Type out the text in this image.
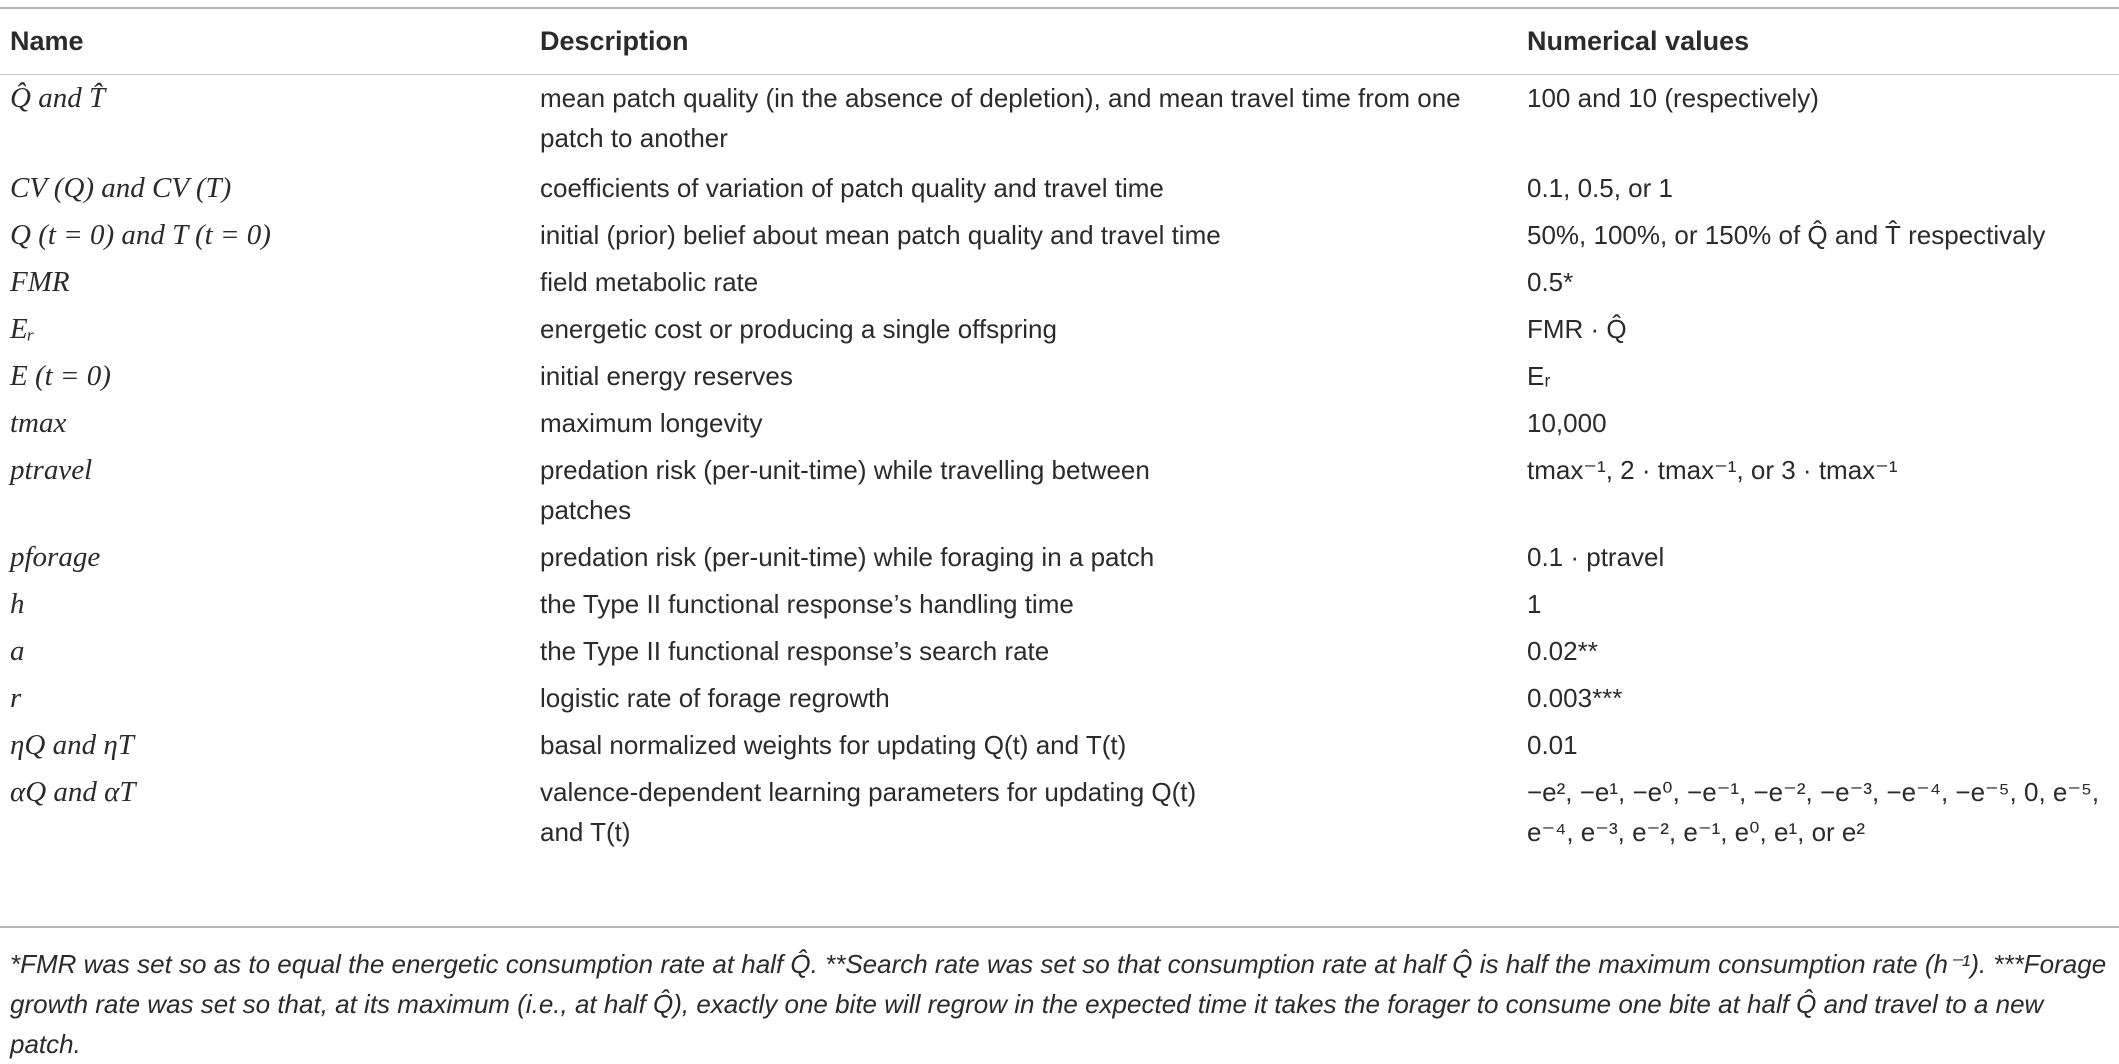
Name	Description	Numerical values
Q̂ and T̂	mean patch quality (in the absence of depletion), and mean travel time from one patch to another	100 and 10 (respectively)
CV (Q) and CV (T)	coefficients of variation of patch quality and travel time	0.1, 0.5, or 1
Q (t = 0) and T (t = 0)	initial (prior) belief about mean patch quality and travel time	50%, 100%, or 150% of Q̂ and T̂ respectivaly
FMR	field metabolic rate	0.5*
Eᵣ	energetic cost or producing a single offspring	FMR · Q̂
E (t = 0)	initial energy reserves	Eᵣ
tmax	maximum longevity	10,000
ptravel	predation risk (per-unit-time) while travelling between patches	tmax⁻¹, 2 · tmax⁻¹, or 3 · tmax⁻¹
pforage	predation risk (per-unit-time) while foraging in a patch	0.1 · ptravel
h	the Type II functional response’s handling time	1
a	the Type II functional response’s search rate	0.02**
r	logistic rate of forage regrowth	0.003***
ηQ and ηT	basal normalized weights for updating Q(t) and T(t)	0.01
αQ and αT	valence-dependent learning parameters for updating Q(t) and T(t)	−e², −e¹, −e⁰, −e⁻¹, −e⁻², −e⁻³, −e⁻⁴, −e⁻⁵, 0, e⁻⁵, e⁻⁴, e⁻³, e⁻², e⁻¹, e⁰, e¹, or e²
*FMR was set so as to equal the energetic consumption rate at half Q̂. **Search rate was set so that consumption rate at half Q̂ is half the maximum consumption rate (h⁻¹). ***Forage growth rate was set so that, at its maximum (i.e., at half Q̂), exactly one bite will regrow in the expected time it takes the forager to consume one bite at half Q̂ and travel to a new patch.
